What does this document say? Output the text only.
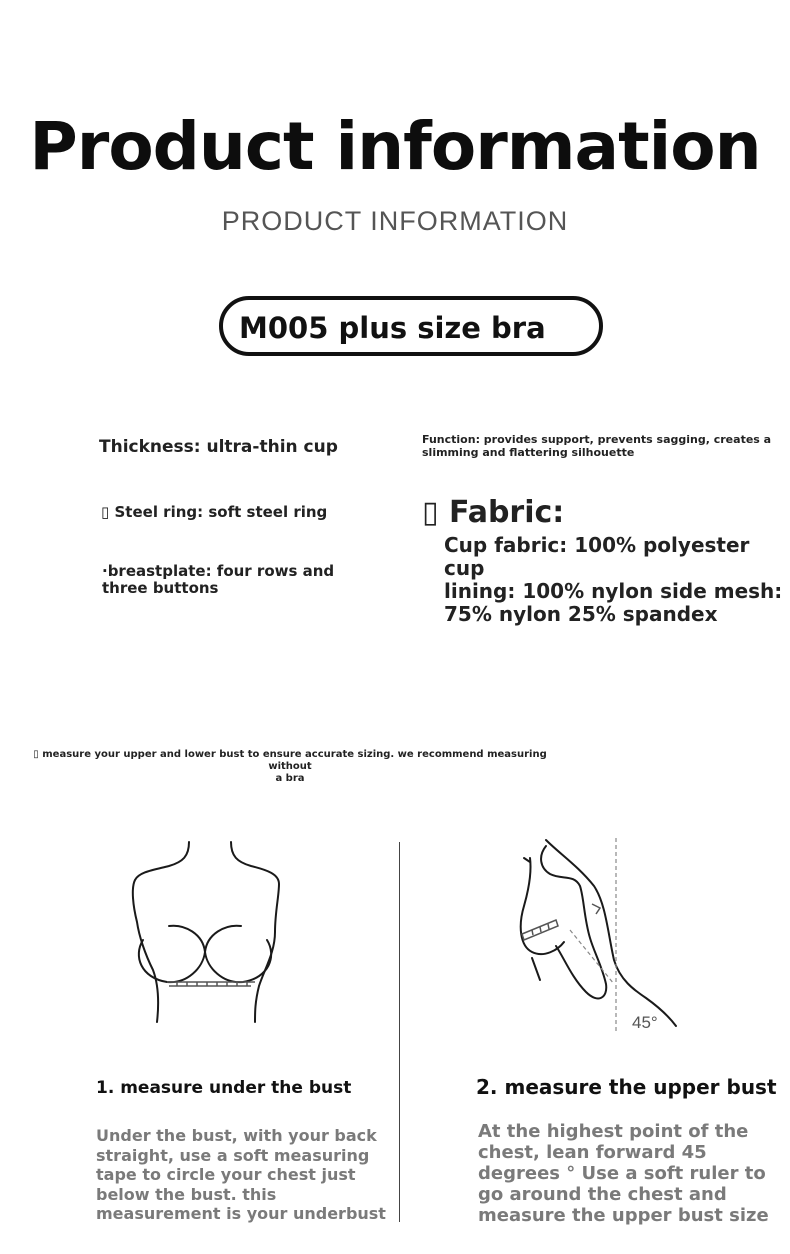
Product information
PRODUCT INFORMATION
M005 plus size bra
Thickness: ultra-thin cup
▯ Steel ring: soft steel ring
·breastplate: four rows and
three buttons
Function: provides support, prevents sagging, creates a
slimming and flattering silhouette
▯ Fabric:
Cup fabric: 100% polyester cup
lining: 100% nylon side mesh:
75% nylon 25% spandex
▯ measure your upper and lower bust to ensure accurate sizing. we recommend measuring without
a bra
45°
1. measure under the bust
Under the bust, with your back
straight, use a soft measuring
tape to circle your chest just
below the bust. this
measurement is your underbust
2. measure the upper bust
At the highest point of the
chest, lean forward 45
degrees ° Use a soft ruler to
go around the chest and
measure the upper bust size
